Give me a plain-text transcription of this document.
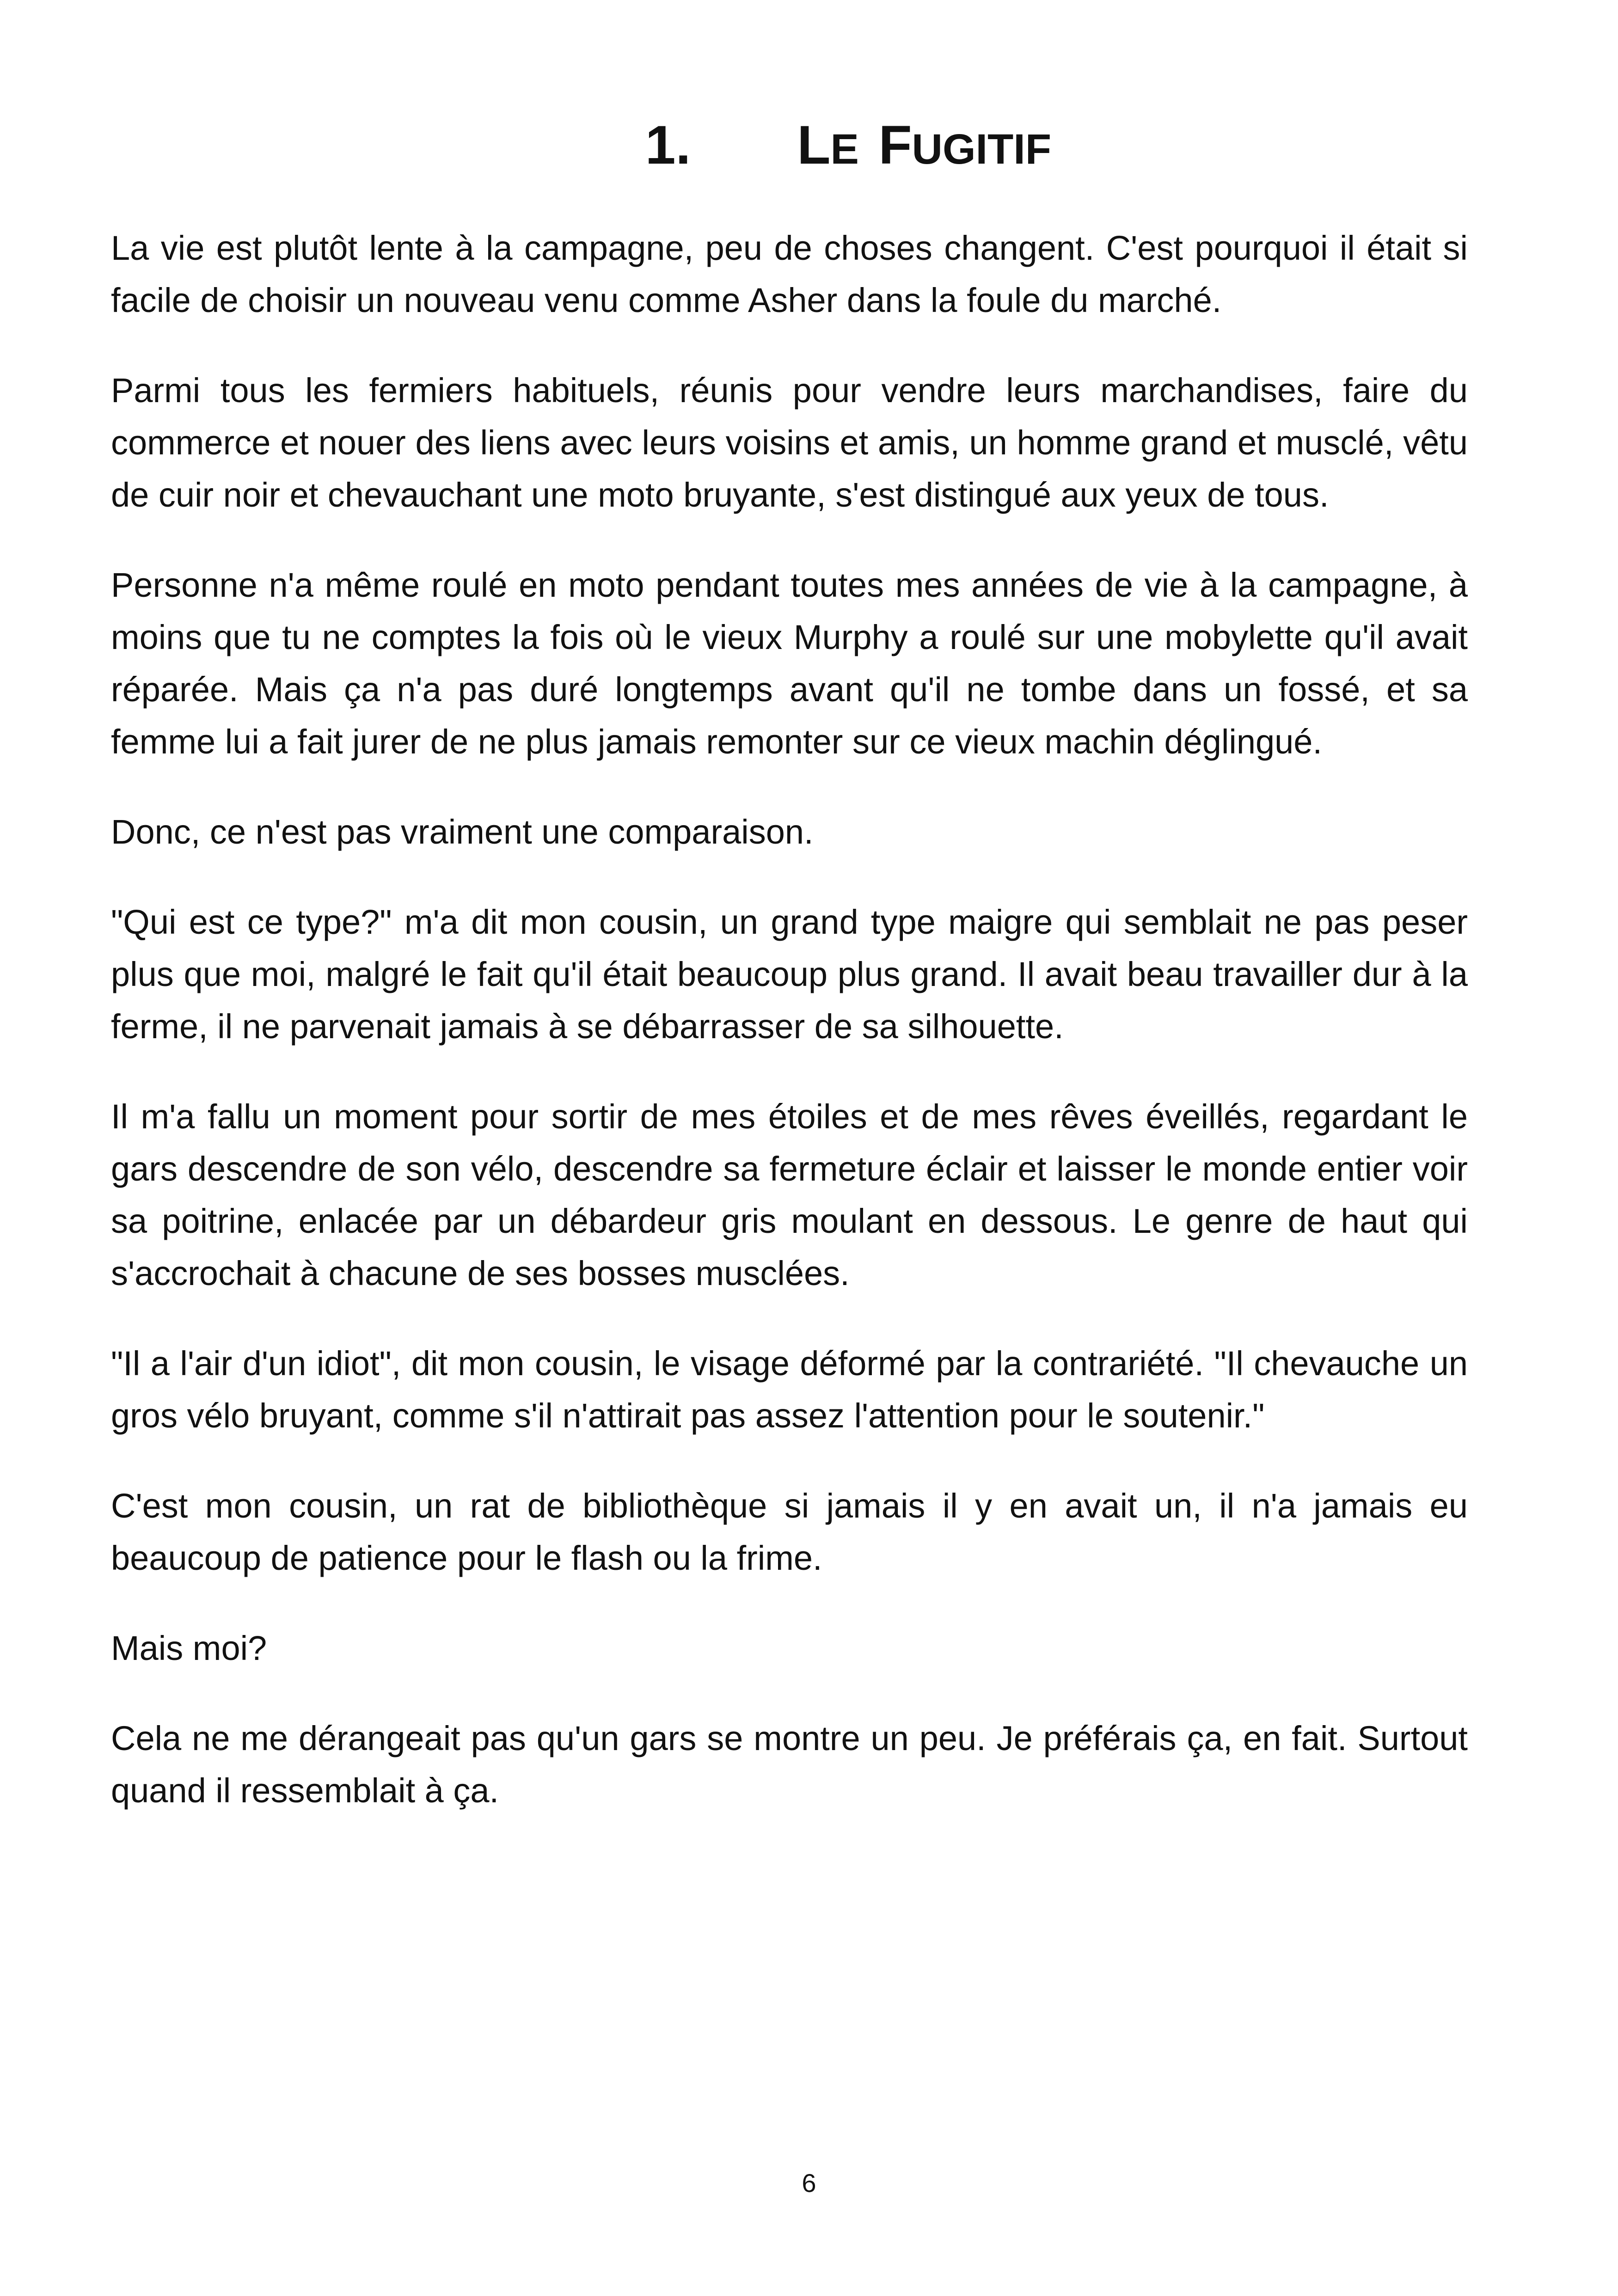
1. LE  FUGITIF

La vie est plutôt lente à la campagne, peu de choses changent. C'est pourquoi il était si facile de choisir un nouveau venu comme Asher dans la foule du marché.

Parmi tous les fermiers habituels, réunis pour vendre leurs marchandises, faire du commerce et nouer des liens avec leurs voisins et amis, un homme grand et musclé, vêtu de cuir noir et chevauchant une moto bruyante, s'est distingué aux yeux de tous.

Personne n'a même roulé en moto pendant toutes mes années de vie à la campagne, à moins que tu ne comptes la fois où le vieux Murphy a roulé sur une mobylette qu'il avait réparée. Mais ça n'a pas duré longtemps avant qu'il ne tombe dans un fossé, et sa femme lui a fait jurer de ne plus jamais remonter sur ce vieux machin déglingué.

Donc, ce n'est pas vraiment une comparaison.

"Qui est ce type?" m'a dit mon cousin, un grand type maigre qui semblait ne pas peser plus que moi, malgré le fait qu'il était beaucoup plus grand. Il avait beau travailler dur à la ferme, il ne parvenait jamais à se débarrasser de sa silhouette.

Il m'a fallu un moment pour sortir de mes étoiles et de mes rêves éveillés, regardant le gars descendre de son vélo, descendre sa fermeture éclair et laisser le monde entier voir sa poitrine, enlacée par un débardeur gris moulant en dessous. Le genre de haut qui s'accrochait à chacune de ses bosses musclées.

"Il a l'air d'un idiot", dit mon cousin, le visage déformé par la contrariété. "Il chevauche un gros vélo bruyant, comme s'il n'attirait pas assez l'attention pour le soutenir."

C'est mon cousin, un rat de bibliothèque si jamais il y en avait un, il n'a jamais eu beaucoup de patience pour le flash ou la frime.

Mais moi?

Cela ne me dérangeait pas qu'un gars se montre un peu. Je préférais ça, en fait. Surtout quand il ressemblait à ça.

6
